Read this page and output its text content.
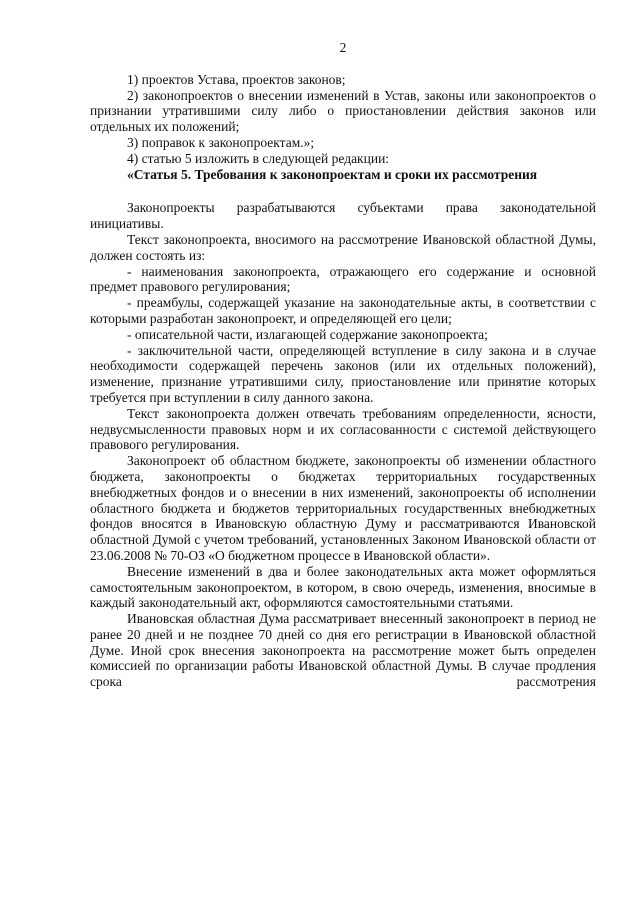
2

1) проектов Устава, проектов законов;

2) законопроектов о внесении изменений в Устав, законы или законопроектов о признании утратившими силу либо о приостановлении действия законов или отдельных их положений;

3) поправок к законопроектам.»;

4) статью 5 изложить в следующей редакции:

«Статья 5. Требования к законопроектам и сроки их рассмотрения

Законопроекты разрабатываются субъектами права законодательной инициативы.

Текст законопроекта, вносимого на рассмотрение Ивановской областной Думы, должен состоять из:

- наименования законопроекта, отражающего его содержание и основной предмет правового регулирования;

- преамбулы, содержащей указание на законодательные акты, в соответствии с которыми разработан законопроект, и определяющей его цели;

- описательной части, излагающей содержание законопроекта;

- заключительной части, определяющей вступление в силу закона и в случае необходимости содержащей перечень законов (или их отдельных положений), изменение, признание утратившими силу, приостановление или принятие которых требуется при вступлении в силу данного закона.

Текст законопроекта должен отвечать требованиям определенности, ясности, недвусмысленности правовых норм и их согласованности с системой действующего правового регулирования.

Законопроект об областном бюджете, законопроекты об изменении областного бюджета, законопроекты о бюджетах территориальных государственных внебюджетных фондов и о внесении в них изменений, законопроекты об исполнении областного бюджета и бюджетов территориальных государственных внебюджетных фондов вносятся в Ивановскую областную Думу и рассматриваются Ивановской областной Думой с учетом требований, установленных Законом Ивановской области от 23.06.2008 № 70-ОЗ «О бюджетном процессе в Ивановской области».

Внесение изменений в два и более законодательных акта может оформляться самостоятельным законопроектом, в котором, в свою очередь, изменения, вносимые в каждый законодательный акт, оформляются самостоятельными статьями.

Ивановская областная Дума рассматривает внесенный законопроект в период не ранее 20 дней и не позднее 70 дней со дня его регистрации в Ивановской областной Думе. Иной срок внесения законопроекта на рассмотрение может быть определен комиссией по организации работы Ивановской областной Думы. В случае продления срока рассмотрения
